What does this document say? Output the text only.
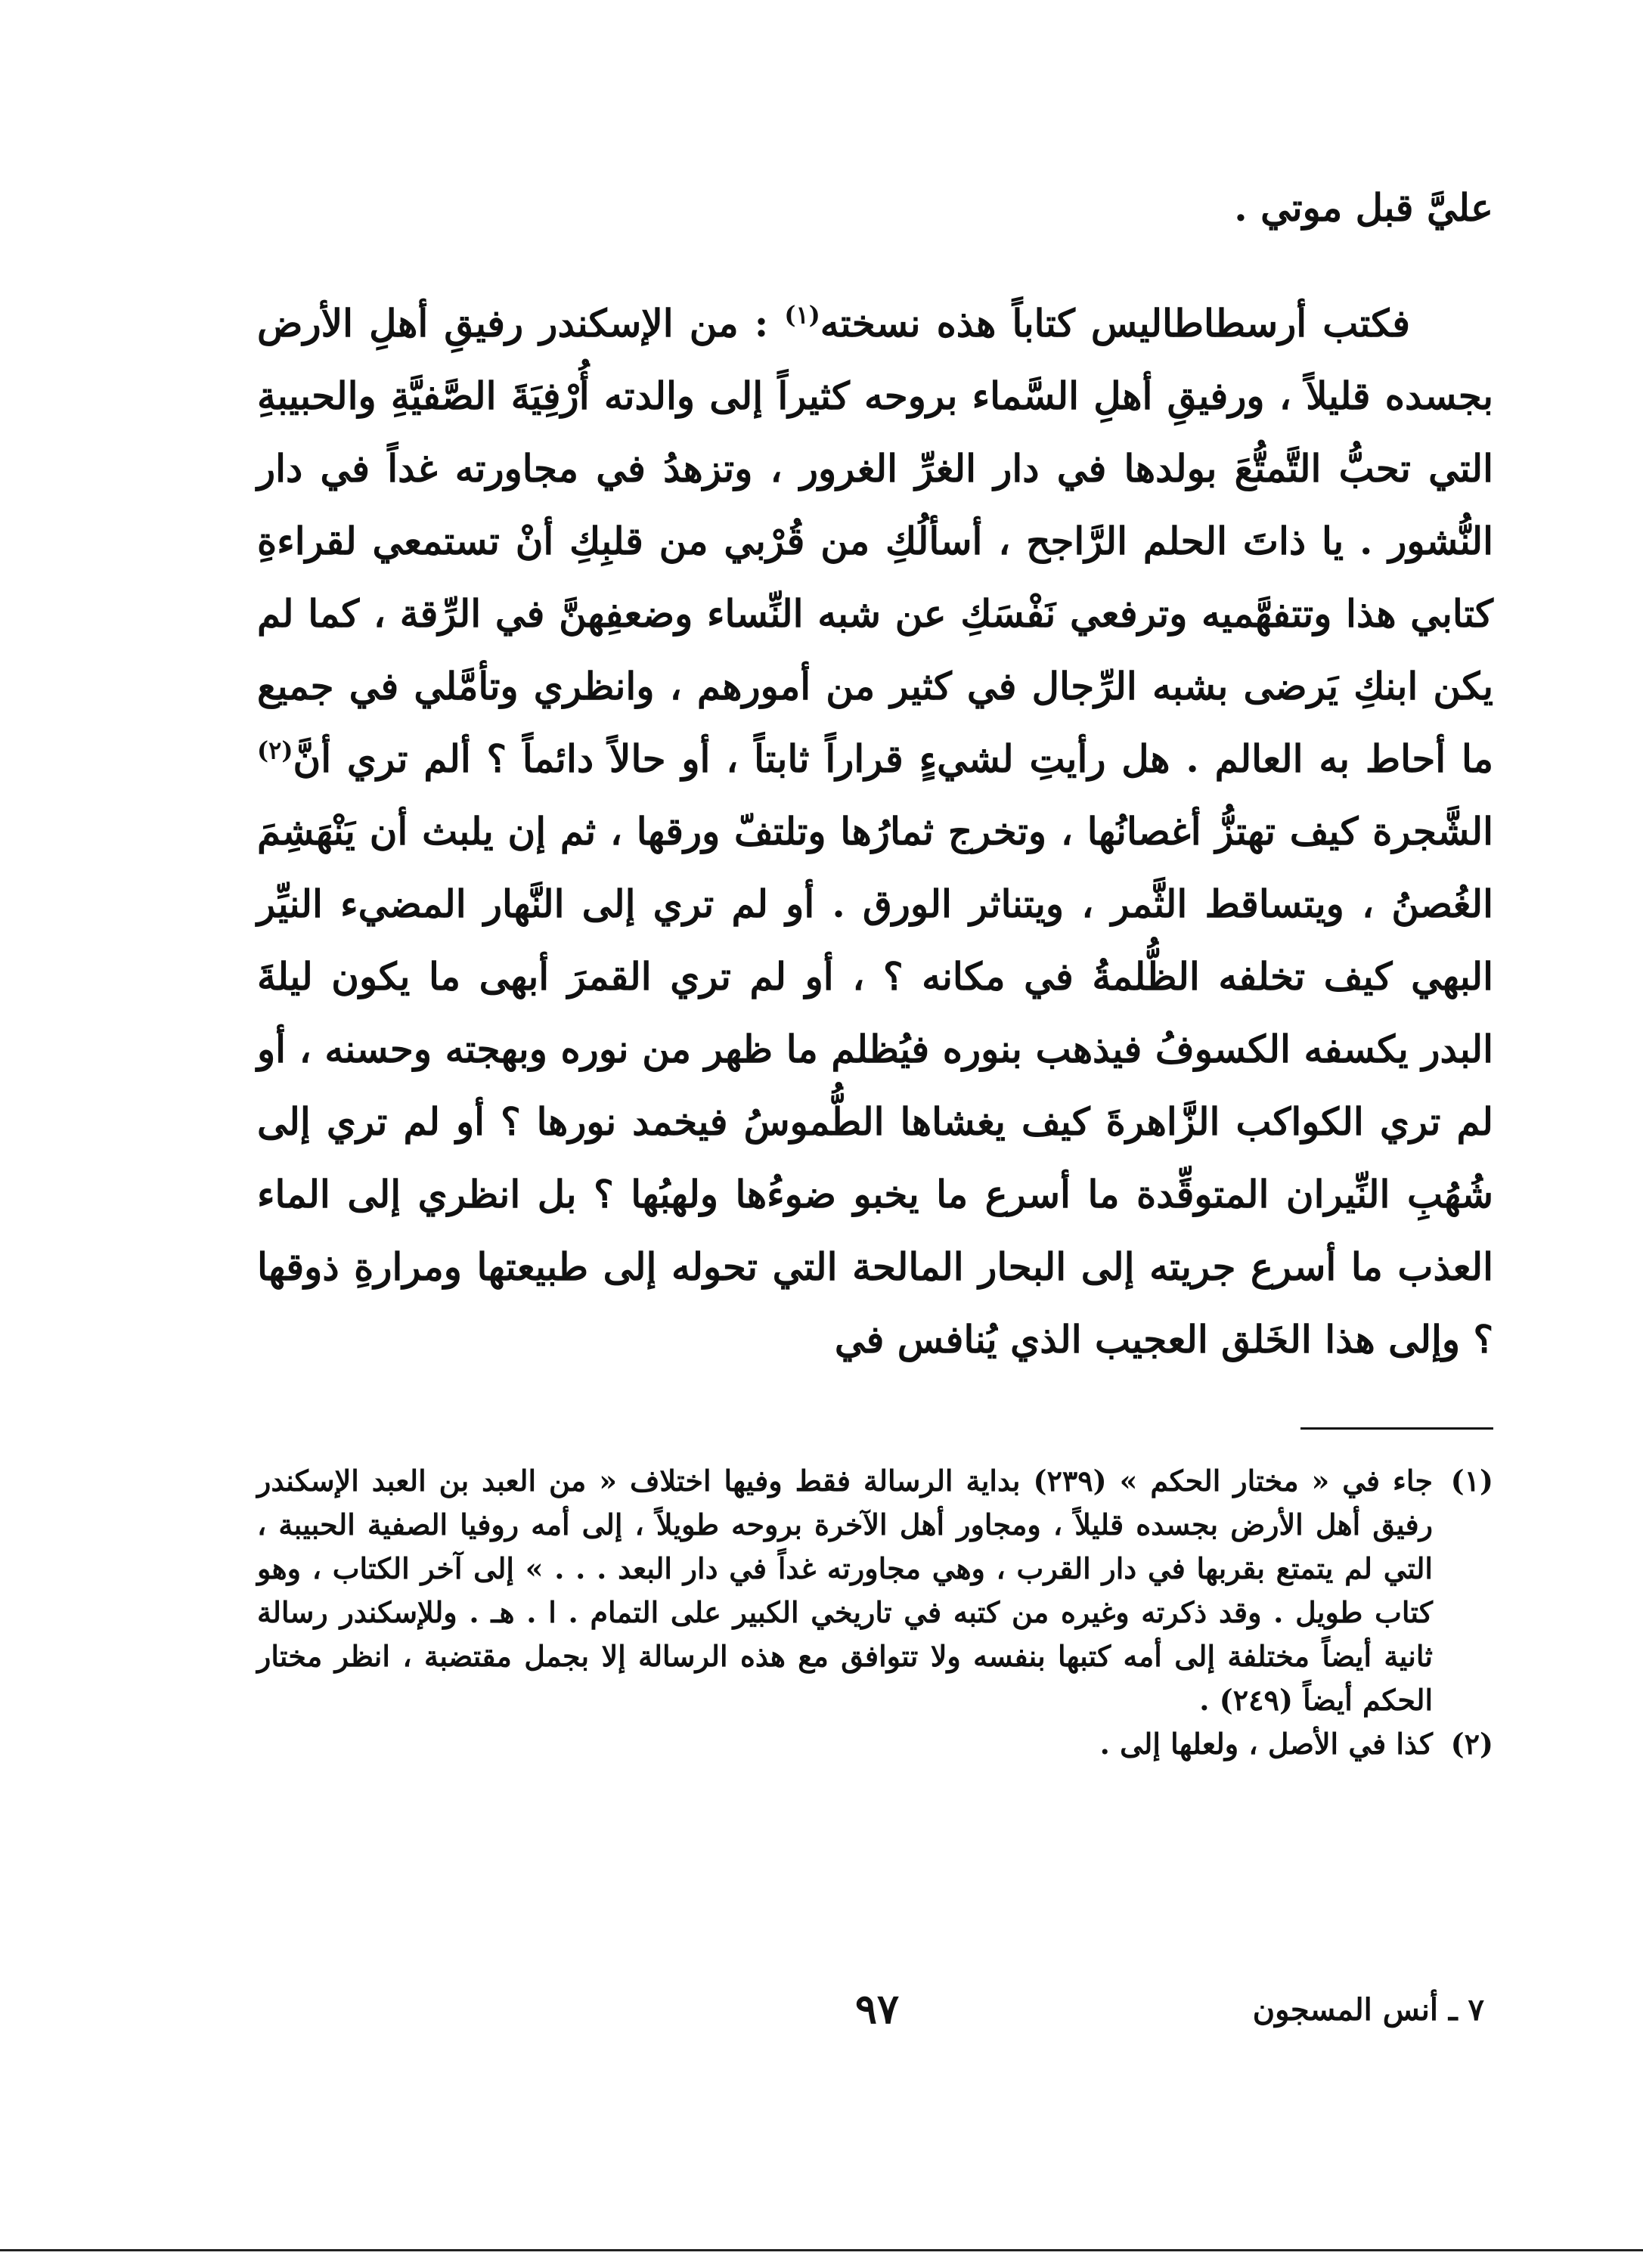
عليَّ قبل موتي .
فكتب أرسطاطاليس كتاباً هذه نسخته$^{(١)}$ : من الإسكندر رفيقِ أهلِ الأرض بجسده قليلاً ، ورفيقِ أهلِ السَّماء بروحه كثيراً إلى والدته أُرْفِيَةَ الصَّفيَّةِ والحبيبةِ التي تحبُّ التَّمتُّعَ بولدها في دار الغرِّ الغرور ، وتزهدُ في مجاورته غداً في دار النُّشور . يا ذاتَ الحلم الرَّاجح ، أسألُكِ من قُرْبي من قلبِكِ أنْ تستمعي لقراءةِ كتابي هذا وتتفهَّميه وترفعي نَفْسَكِ عن شبه النِّساء وضعفِهنَّ في الرِّقة ، كما لم يكن ابنكِ يَرضى بشبه الرِّجال في كثير من أمورهم ، وانظري وتأمَّلي في جميع ما أحاط به العالم . هل رأيتِ لشيءٍ قراراً ثابتاً ، أو حالاً دائماً ؟ ألم تري أنَّ$^{(٢)}$ الشَّجرة كيف تهتزُّ أغصانُها ، وتخرج ثمارُها وتلتفّ ورقها ، ثم إن يلبث أن يَنْهَشِمَ الغُصنُ ، ويتساقط الثَّمر ، ويتناثر الورق . أو لم تري إلى النَّهار المضيء النيِّر البهي كيف تخلفه الظُّلمةُ في مكانه ؟ ، أو لم تري القمرَ أبهى ما يكون ليلةَ البدر يكسفه الكسوفُ فيذهب بنوره فيُظلم ما ظهر من نوره وبهجته وحسنه ، أو لم تري الكواكب الزَّاهرةَ كيف يغشاها الطُّموسُ فيخمد نورها ؟ أو لم تري إلى شُهُبِ النِّيران المتوقِّدة ما أسرع ما يخبو ضوءُها ولهبُها ؟ بل انظري إلى الماء العذب ما أسرع جريته إلى البحار المالحة التي تحوله إلى طبيعتها ومرارةِ ذوقها ؟ وإلى هذا الخَلق العجيب الذي يُنافس في
(١)
جاء في « مختار الحكم » (٢٣٩) بداية الرسالة فقط وفيها اختلاف « من العبد بن العبد الإسكندر رفيق أهل الأرض بجسده قليلاً ، ومجاور أهل الآخرة بروحه طويلاً ، إلى أمه روفيا الصفية الحبيبة ، التي لم يتمتع بقربها في دار القرب ، وهي مجاورته غداً في دار البعد . . . » إلى آخر الكتاب ، وهو كتاب طويل . وقد ذكرته وغيره من كتبه في تاريخي الكبير على التمام . ا . هـ . وللإسكندر رسالة ثانية أيضاً مختلفة إلى أمه كتبها بنفسه ولا تتوافق مع هذه الرسالة إلا بجمل مقتضبة ، انظر مختار الحكم أيضاً (٢٤٩) .
(٢)
كذا في الأصل ، ولعلها إلى .
٩٧	٧ ـ أنس المسجون
